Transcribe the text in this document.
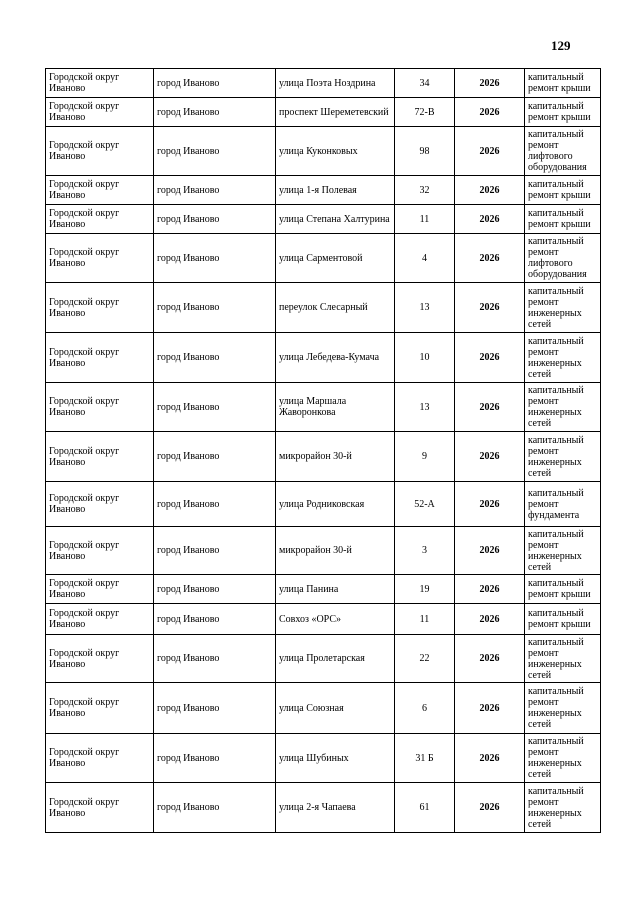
129
Городской округ Иваново	город Иваново	улица Поэта Ноздрина	34	2026	капитальный ремонт крыши
Городской округ Иваново	город Иваново	проспект Шереметевский	72-В	2026	капитальный ремонт крыши
Городской округ Иваново	город Иваново	улица Куконковых	98	2026	капитальный ремонт лифтового оборудования
Городской округ Иваново	город Иваново	улица 1-я Полевая	32	2026	капитальный ремонт крыши
Городской округ Иваново	город Иваново	улица Степана Халтурина	11	2026	капитальный ремонт крыши
Городской округ Иваново	город Иваново	улица Сарментовой	4	2026	капитальный ремонт лифтового оборудования
Городской округ Иваново	город Иваново	переулок Слесарный	13	2026	капитальный ремонт инженерных сетей
Городской округ Иваново	город Иваново	улица Лебедева-Кумача	10	2026	капитальный ремонт инженерных сетей
Городской округ Иваново	город Иваново	улица Маршала Жаворонкова	13	2026	капитальный ремонт инженерных сетей
Городской округ Иваново	город Иваново	микрорайон 30-й	9	2026	капитальный ремонт инженерных сетей
Городской округ Иваново	город Иваново	улица Родниковская	52-А	2026	капитальный ремонт фундамента
Городской округ Иваново	город Иваново	микрорайон 30-й	3	2026	капитальный ремонт инженерных сетей
Городской округ Иваново	город Иваново	улица Панина	19	2026	капитальный ремонт крыши
Городской округ Иваново	город Иваново	Совхоз «ОРС»	11	2026	капитальный ремонт крыши
Городской округ Иваново	город Иваново	улица Пролетарская	22	2026	капитальный ремонт инженерных сетей
Городской округ Иваново	город Иваново	улица Союзная	6	2026	капитальный ремонт инженерных сетей
Городской округ Иваново	город Иваново	улица Шубиных	31 Б	2026	капитальный ремонт инженерных сетей
Городской округ Иваново	город Иваново	улица 2-я Чапаева	61	2026	капитальный ремонт инженерных сетей
